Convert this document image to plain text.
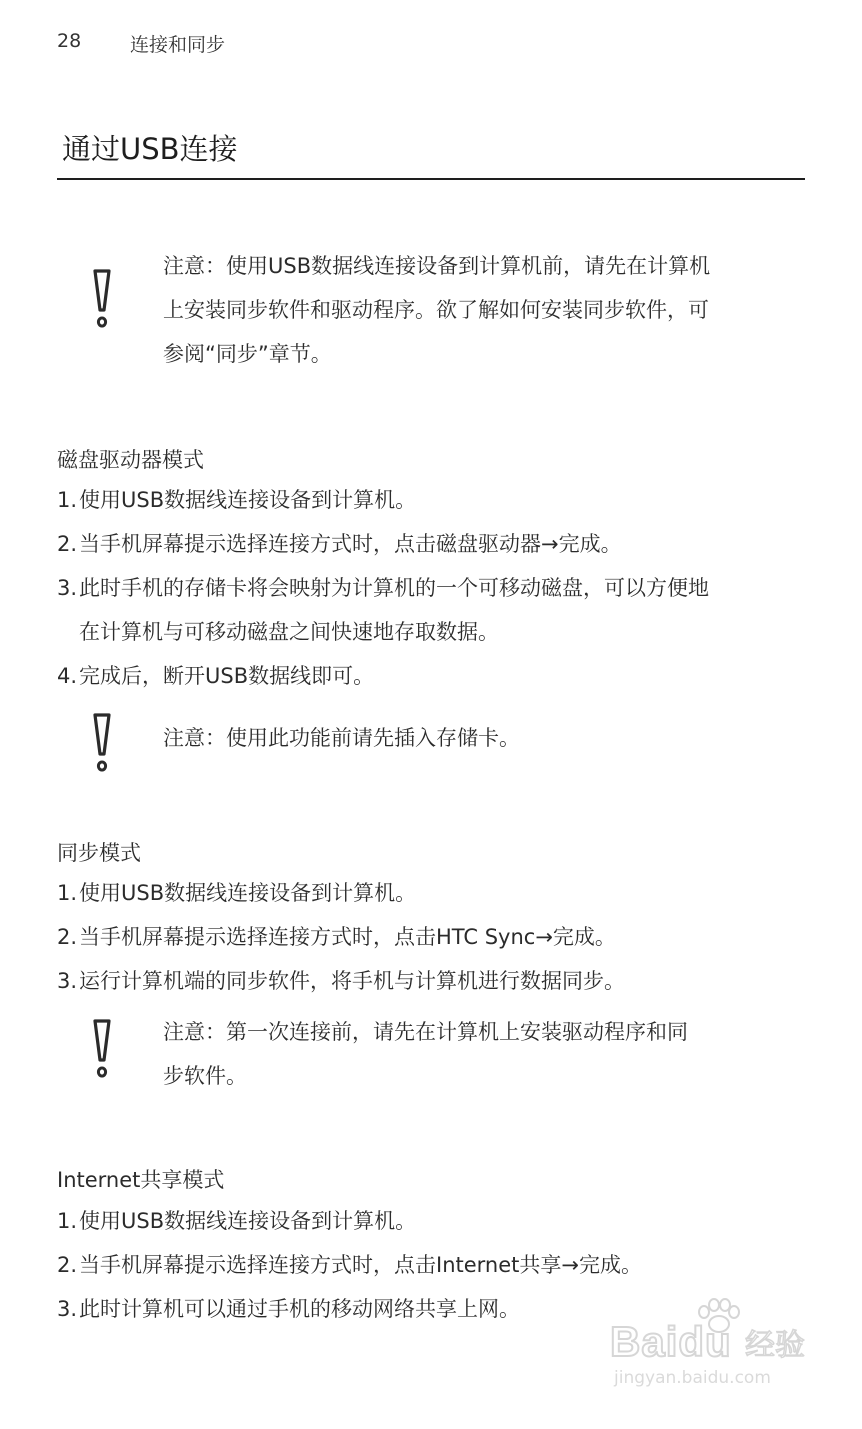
28	连接和同步
通过USB连接
注意：使用USB数据线连接设备到计算机前，请先在计算机
上安装同步软件和驱动程序。欲了解如何安装同步软件，可
参阅“同步”章节。
磁盘驱动器模式
1. 使用USB数据线连接设备到计算机。
2. 当手机屏幕提示选择连接方式时，点击磁盘驱动器→完成。
3. 此时手机的存储卡将会映射为计算机的一个可移动磁盘，可以方便地
在计算机与可移动磁盘之间快速地存取数据。
4. 完成后，断开USB数据线即可。
注意：使用此功能前请先插入存储卡。
同步模式
1. 使用USB数据线连接设备到计算机。
2. 当手机屏幕提示选择连接方式时，点击HTC Sync→完成。
3. 运行计算机端的同步软件，将手机与计算机进行数据同步。
注意：第一次连接前，请先在计算机上安装驱动程序和同
步软件。
Internet共享模式
1. 使用USB数据线连接设备到计算机。
2. 当手机屏幕提示选择连接方式时，点击Internet共享→完成。
3. 此时计算机可以通过手机的移动网络共享上网。
Baidu 经验
jingyan.baidu.com
